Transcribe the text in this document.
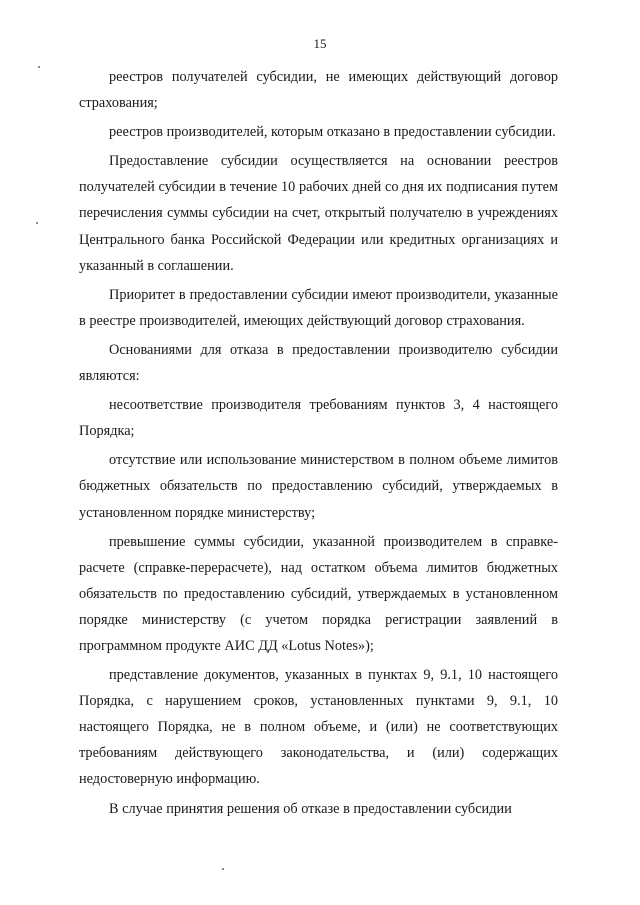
15

реестров получателей субсидии, не имеющих действующий договор страхования;

реестров производителей, которым отказано в предоставлении субсидии.

Предоставление субсидии осуществляется на основании реестров получателей субсидии в течение 10 рабочих дней со дня их подписания путем перечисления суммы субсидии на счет, открытый получателю в учреждениях Центрального банка Российской Федерации или кредитных организациях и указанный в соглашении.

Приоритет в предоставлении субсидии имеют производители, указанные в реестре производителей, имеющих действующий договор страхования.

Основаниями для отказа в предоставлении производителю субсидии являются:

несоответствие производителя требованиям пунктов 3, 4 настоящего Порядка;

отсутствие или использование министерством в полном объеме лимитов бюджетных обязательств по предоставлению субсидий, утверждаемых в установленном порядке министерству;

превышение суммы субсидии, указанной производителем в справке-расчете (справке-перерасчете), над остатком объема лимитов бюджетных обязательств по предоставлению субсидий, утверждаемых в установленном порядке министерству (с учетом порядка регистрации заявлений в программном продукте АИС ДД «Lotus Notes»);

представление документов, указанных в пунктах 9, 9.1, 10 настоящего Порядка, с нарушением сроков, установленных пунктами 9, 9.1, 10 настоящего Порядка, не в полном объеме, и (или) не соответствующих требованиям действующего законодательства, и (или) содержащих недостоверную информацию.

В случае принятия решения об отказе в предоставлении субсидии
